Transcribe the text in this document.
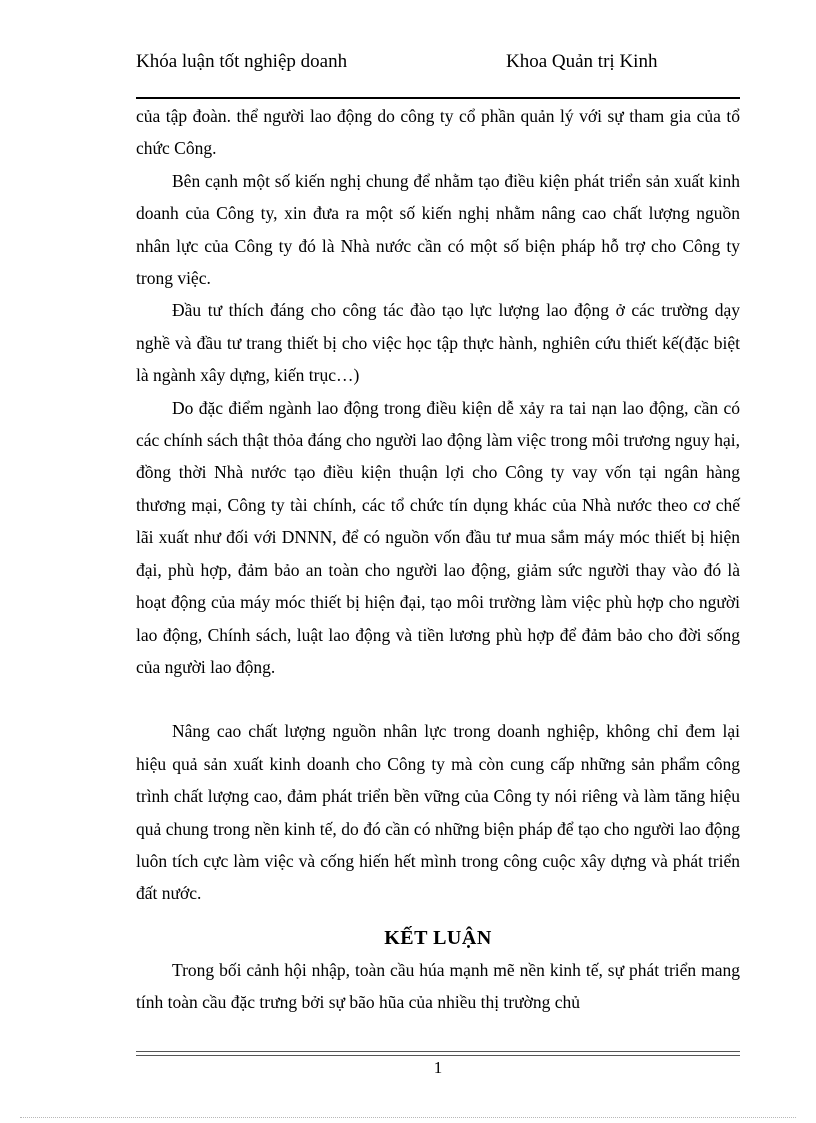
Khóa luận tốt nghiệp doanh	Khoa Quản trị Kinh

của tập đoàn. thể người lao động do công ty cổ phần quản lý với sự tham gia của tổ chức Công.

Bên cạnh một số kiến nghị chung để nhằm tạo điều kiện phát triển sản xuất kinh doanh của Công ty, xin đưa ra một số kiến nghị nhằm nâng cao chất lượng nguồn nhân lực của Công ty đó là Nhà nước cần có một số biện pháp hỗ trợ cho Công ty trong việc.

Đầu tư thích đáng cho công tác đào tạo lực lượng lao động ở các trường dạy nghề và đầu tư trang thiết bị cho việc học tập thực hành, nghiên cứu thiết kế(đặc biệt là ngành xây dựng, kiến trục…)

Do đặc điểm ngành lao động trong điều kiện dễ xảy ra tai nạn lao động, cần có các chính sách thật thỏa đáng cho người lao động làm việc trong môi trương nguy hại, đồng thời Nhà nước tạo điều kiện thuận lợi cho Công ty vay vốn tại ngân hàng thương mại, Công ty tài chính, các tổ chức tín dụng khác của Nhà nước theo cơ chế lãi xuất như đối với DNNN, để có nguồn vốn đầu tư mua sắm máy móc thiết bị hiện đại, phù hợp, đảm bảo an toàn cho người lao động, giảm sức người thay vào đó là hoạt động của máy móc thiết bị hiện đại, tạo môi trường làm việc phù hợp cho người lao động, Chính sách, luật lao động và tiền lương phù hợp để đảm bảo cho đời sống của người lao động.

Nâng cao chất lượng nguồn nhân lực trong doanh nghiệp, không chỉ đem lại hiệu quả sản xuất kinh doanh cho Công ty mà còn cung cấp những sản phẩm công trình chất lượng cao, đảm phát triển bền vững của Công ty nói riêng và làm tăng hiệu quả chung trong nền kinh tế, do đó cần có những biện pháp để tạo cho người lao động luôn tích cực làm việc và cống hiến hết mình trong công cuộc xây dựng và phát triển đất nước.

KẾT LUẬN

Trong bối cảnh hội nhập, toàn cầu húa mạnh mẽ nền kinh tế, sự phát triển mang tính toàn cầu đặc trưng bởi sự bão hũa của nhiều thị trường chủ

1
